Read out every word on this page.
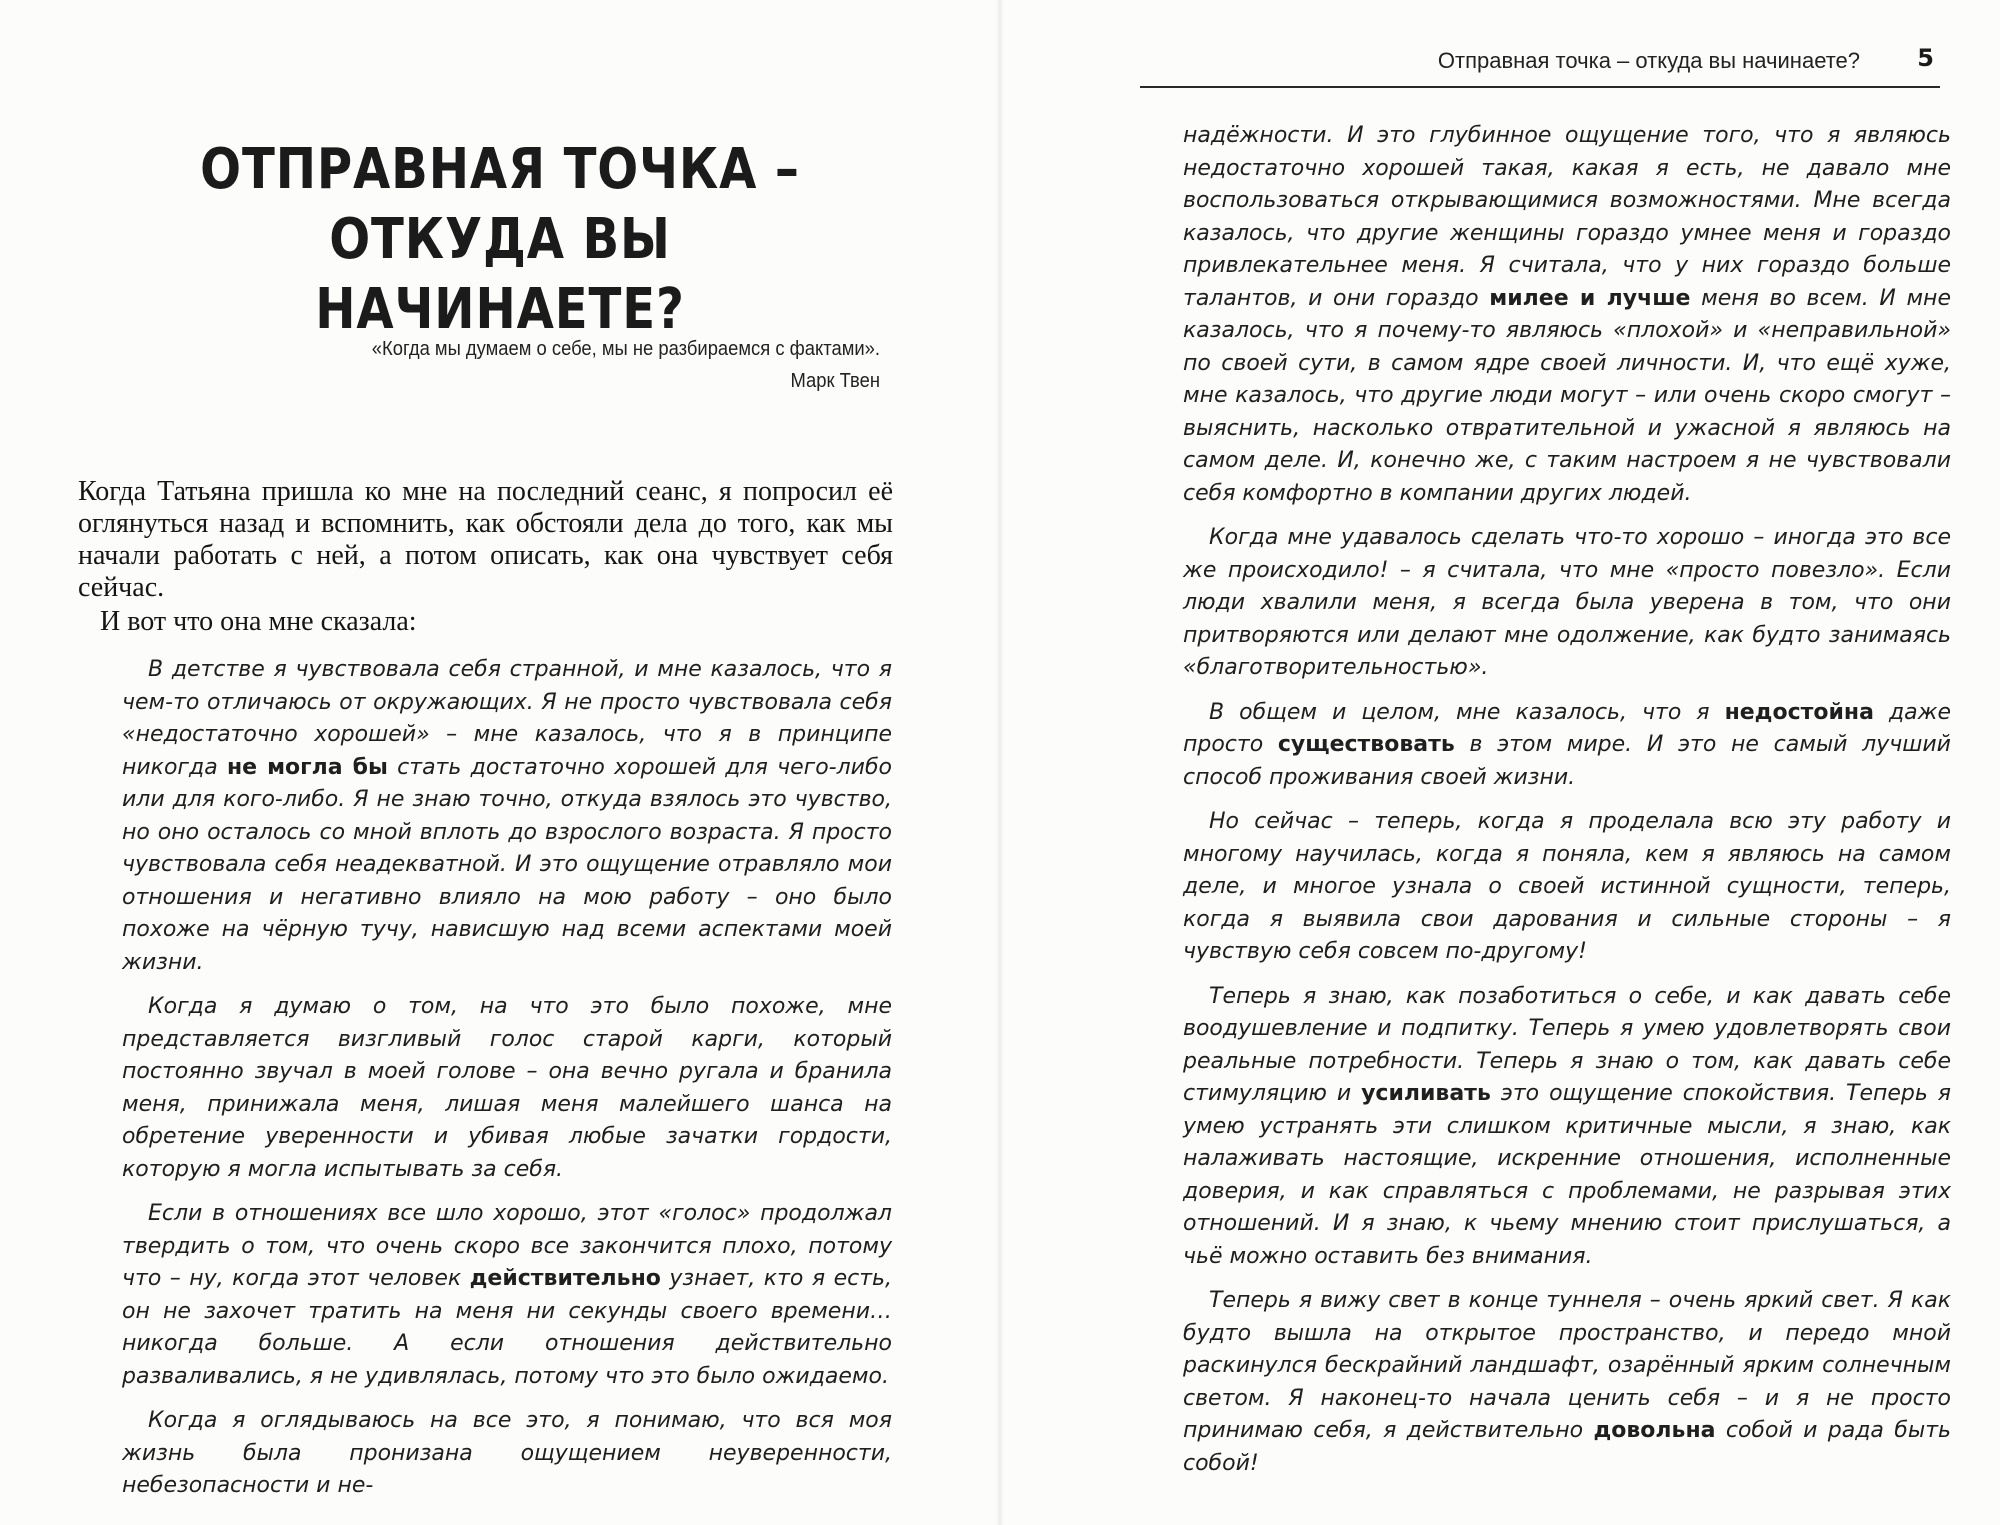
ОТПРАВНАЯ ТОЧКА –
ОТКУДА ВЫ НАЧИНАЕТЕ?
«Когда мы думаем о себе, мы не разбираемся с фактами».
Марк Твен

Когда Татьяна пришла ко мне на последний сеанс, я попросил её оглянуться назад и вспомнить, как обстояли дела до того, как мы начали работать с ней, а потом описать, как она чувствует себя сейчас.

И вот что она мне сказала:

В детстве я чувствовала себя странной, и мне казалось, что я чем-то отличаюсь от окружающих. Я не просто чувствовала себя «недостаточно хорошей» – мне казалось, что я в принципе никогда не могла бы стать достаточно хорошей для чего-либо или для кого-либо. Я не знаю точно, откуда взялось это чувство, но оно осталось со мной вплоть до взрослого возраста. Я просто чувствовала себя неадекватной. И это ощущение отравляло мои отношения и негативно влияло на мою работу – оно было похоже на чёрную тучу, нависшую над всеми аспектами моей жизни.

Когда я думаю о том, на что это было похоже, мне представляется визгливый голос старой карги, который постоянно звучал в моей голове – она вечно ругала и бранила меня, принижала меня, лишая меня малейшего шанса на обретение уверенности и убивая любые зачатки гордости, которую я могла испытывать за себя.

Если в отношениях все шло хорошо, этот «голос» продолжал твердить о том, что очень скоро все закончится плохо, потому что – ну, когда этот человек действительно узнает, кто я есть, он не захочет тратить на меня ни секунды своего времени… никогда больше. А если отношения действительно разваливались, я не удивлялась, потому что это было ожидаемо.

Когда я оглядываюсь на все это, я понимаю, что вся моя жизнь была пронизана ощущением неуверенности, небезопасности и не-

Отправная точка – откуда вы начинаете? 5

надёжности. И это глубинное ощущение того, что я являюсь недостаточно хорошей такая, какая я есть, не давало мне воспользоваться открывающимися возможностями. Мне всегда казалось, что другие женщины гораздо умнее меня и гораздо привлекательнее меня. Я считала, что у них гораздо больше талантов, и они гораздо милее и лучше меня во всем. И мне казалось, что я почему-то являюсь «плохой» и «неправильной» по своей сути, в самом ядре своей личности. И, что ещё хуже, мне казалось, что другие люди могут – или очень скоро смогут – выяснить, насколько отвратительной и ужасной я являюсь на самом деле. И, конечно же, с таким настроем я не чувствовали себя комфортно в компании других людей.

Когда мне удавалось сделать что-то хорошо – иногда это все же происходило! – я считала, что мне «просто повезло». Если люди хвалили меня, я всегда была уверена в том, что они притворяются или делают мне одолжение, как будто занимаясь «благотворительностью».

В общем и целом, мне казалось, что я недостойна даже просто существовать в этом мире. И это не самый лучший способ проживания своей жизни.

Но сейчас – теперь, когда я проделала всю эту работу и многому научилась, когда я поняла, кем я являюсь на самом деле, и многое узнала о своей истинной сущности, теперь, когда я выявила свои дарования и сильные стороны – я чувствую себя совсем по-другому!

Теперь я знаю, как позаботиться о себе, и как давать себе воодушевление и подпитку. Теперь я умею удовлетворять свои реальные потребности. Теперь я знаю о том, как давать себе стимуляцию и усиливать это ощущение спокойствия. Теперь я умею устранять эти слишком критичные мысли, я знаю, как налаживать настоящие, искренние отношения, исполненные доверия, и как справляться с проблемами, не разрывая этих отношений. И я знаю, к чьему мнению стоит прислушаться, а чьё можно оставить без внимания.

Теперь я вижу свет в конце туннеля – очень яркий свет. Я как будто вышла на открытое пространство, и передо мной раскинулся бескрайний ландшафт, озарённый ярким солнечным светом. Я наконец-то начала ценить себя – и я не просто принимаю себя, я действительно довольна собой и рада быть собой!
